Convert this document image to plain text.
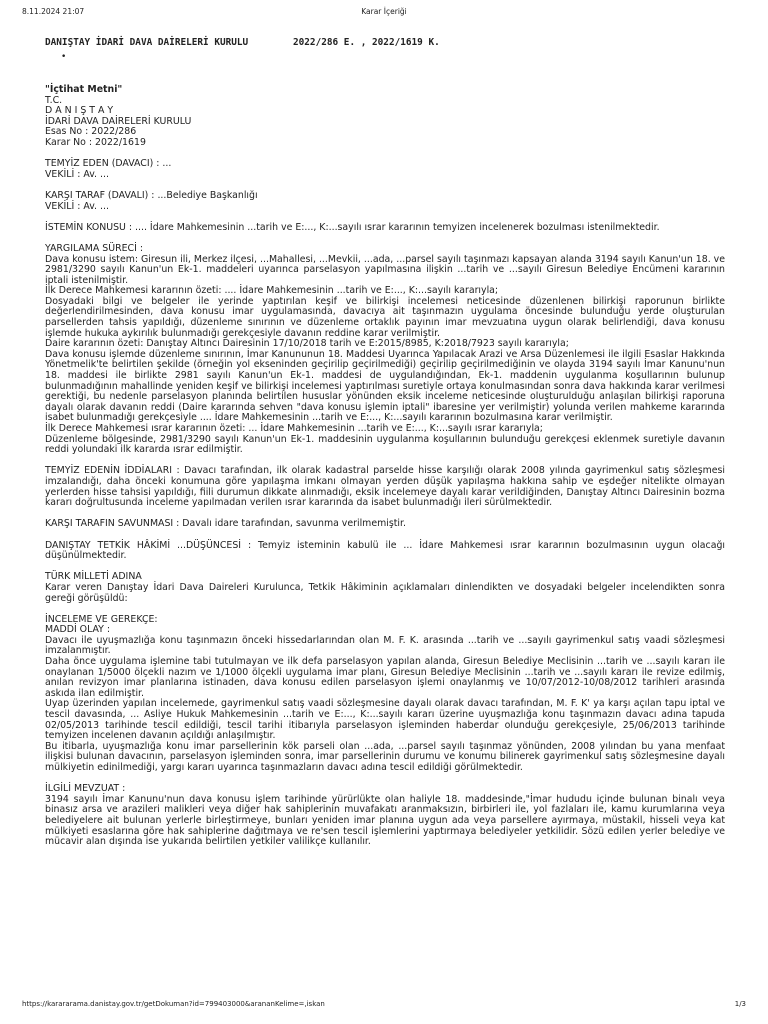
8.11.2024 21:07	Karar İçeriği
DANIŞTAY İDARİ DAVA DAİRELERİ KURULU	2022/286 E. , 2022/1619 K.
•
"İçtihat Metni"
T.C.
D A N I Ş T A Y
İDARİ DAVA DAİRELERİ KURULU
Esas No : 2022/286
Karar No : 2022/1619
TEMYİZ EDEN (DAVACI) : ...
VEKİLİ : Av. ...
KARŞI TARAF (DAVALI) : ...Belediye Başkanlığı
VEKİLİ : Av. ...

İSTEMİN KONUSU : .... İdare Mahkemesinin ...tarih ve E:..., K:...sayılı ısrar kararının temyizen incelenerek bozulması istenilmektedir.

YARGILAMA SÜRECİ :

Dava konusu istem: Giresun ili, Merkez ilçesi, ...Mahallesi, ...Mevkii, ...ada, ...parsel sayılı taşınmazı kapsayan alanda 3194 sayılı Kanun'un 18. ve 2981/3290 sayılı Kanun'un Ek-1. maddeleri uyarınca parselasyon yapılmasına ilişkin ...tarih ve ...sayılı Giresun Belediye Encümeni kararının iptali istenilmiştir.

İlk Derece Mahkemesi kararının özeti: .... İdare Mahkemesinin ...tarih ve E:..., K:...sayılı kararıyla;

Dosyadaki bilgi ve belgeler ile yerinde yaptırılan keşif ve bilirkişi incelemesi neticesinde düzenlenen bilirkişi raporunun birlikte değerlendirilmesinden, dava konusu imar uygulamasında, davacıya ait taşınmazın uygulama öncesinde bulunduğu yerde oluşturulan parsellerden tahsis yapıldığı, düzenleme sınırının ve düzenleme ortaklık payının imar mevzuatına uygun olarak belirlendiği, dava konusu işlemde hukuka aykırılık bulunmadığı gerekçesiyle davanın reddine karar verilmiştir.

Daire kararının özeti: Danıştay Altıncı Dairesinin 17/10/2018 tarih ve E:2015/8985, K:2018/7923 sayılı kararıyla;

Dava konusu işlemde düzenleme sınırının, İmar Kanununun 18. Maddesi Uyarınca Yapılacak Arazi ve Arsa Düzenlemesi ile ilgili Esaslar Hakkında Yönetmelik'te belirtilen şekilde (örneğin yol ekseninden geçirilip geçirilmediği) geçirilip geçirilmediğinin ve olayda 3194 sayılı İmar Kanunu'nun 18. maddesi ile birlikte 2981 sayılı Kanun'un Ek-1. maddesi de uygulandığından, Ek-1. maddenin uygulanma koşullarının bulunup bulunmadığının mahallinde yeniden keşif ve bilirkişi incelemesi yaptırılması suretiyle ortaya konulmasından sonra dava hakkında karar verilmesi gerektiği, bu nedenle parselasyon planında belirtilen hususlar yönünden eksik inceleme neticesinde oluşturulduğu anlaşılan bilirkişi raporuna dayalı olarak davanın reddi (Daire kararında sehven "dava konusu işlemin iptali" ibaresine yer verilmiştir) yolunda verilen mahkeme kararında isabet bulunmadığı gerekçesiyle .... İdare Mahkemesinin ...tarih ve E:..., K:...sayılı kararının bozulmasına karar verilmiştir.

İlk Derece Mahkemesi ısrar kararının özeti: ... İdare Mahkemesinin ...tarih ve E:..., K:...sayılı ısrar kararıyla;

Düzenleme bölgesinde, 2981/3290 sayılı Kanun'un Ek-1. maddesinin uygulanma koşullarının bulunduğu gerekçesi eklenmek suretiyle davanın reddi yolundaki ilk kararda ısrar edilmiştir.

TEMYİZ EDENİN İDDİALARI : Davacı tarafından, ilk olarak kadastral parselde hisse karşılığı olarak 2008 yılında gayrimenkul satış sözleşmesi imzalandığı, daha önceki konumuna göre yapılaşma imkanı olmayan yerden düşük yapılaşma hakkına sahip ve eşdeğer nitelikte olmayan yerlerden hisse tahsisi yapıldığı, fiili durumun dikkate alınmadığı, eksik incelemeye dayalı karar verildiğinden, Danıştay Altıncı Dairesinin bozma kararı doğrultusunda inceleme yapılmadan verilen ısrar kararında da isabet bulunmadığı ileri sürülmektedir.

KARŞI TARAFIN SAVUNMASI : Davalı idare tarafından, savunma verilmemiştir.

DANIŞTAY TETKİK HÂKİMİ ...DÜŞÜNCESİ : Temyiz isteminin kabulü ile ... İdare Mahkemesi ısrar kararının bozulmasının uygun olacağı düşünülmektedir.

TÜRK MİLLETİ ADINA

Karar veren Danıştay İdari Dava Daireleri Kurulunca, Tetkik Hâkiminin açıklamaları dinlendikten ve dosyadaki belgeler incelendikten sonra gereği görüşüldü:

İNCELEME VE GEREKÇE:
MADDİ OLAY :

Davacı ile uyuşmazlığa konu taşınmazın önceki hissedarlarından olan M. F. K. arasında ...tarih ve ...sayılı gayrimenkul satış vaadi sözleşmesi imzalanmıştır.

Daha önce uygulama işlemine tabi tutulmayan ve ilk defa parselasyon yapılan alanda, Giresun Belediye Meclisinin ...tarih ve ...sayılı kararı ile onaylanan 1/5000 ölçekli nazım ve 1/1000 ölçekli uygulama imar planı, Giresun Belediye Meclisinin ...tarih ve ...sayılı kararı ile revize edilmiş, anılan revizyon imar planlarına istinaden, dava konusu edilen parselasyon işlemi onaylanmış ve 10/07/2012-10/08/2012 tarihleri arasında askıda ilan edilmiştir.

Uyap üzerinden yapılan incelemede, gayrimenkul satış vaadi sözleşmesine dayalı olarak davacı tarafından, M. F. K' ya karşı açılan tapu iptal ve tescil davasında, ... Asliye Hukuk Mahkemesinin ...tarih ve E:..., K:...sayılı kararı üzerine uyuşmazlığa konu taşınmazın davacı adına tapuda 02/05/2013 tarihinde tescil edildiği, tescil tarihi itibarıyla parselasyon işleminden haberdar olunduğu gerekçesiyle, 25/06/2013 tarihinde temyizen incelenen davanın açıldığı anlaşılmıştır.

Bu itibarla, uyuşmazlığa konu imar parsellerinin kök parseli olan ...ada, ...parsel sayılı taşınmaz yönünden, 2008 yılından bu yana menfaat ilişkisi bulunan davacının, parselasyon işleminden sonra, imar parsellerinin durumu ve konumu bilinerek gayrimenkul satış sözleşmesine dayalı mülkiyetin edinilmediği, yargı kararı uyarınca taşınmazların davacı adına tescil edildiği görülmektedir.

İLGİLİ MEVZUAT :

3194 sayılı İmar Kanunu'nun dava konusu işlem tarihinde yürürlükte olan haliyle 18. maddesinde,"İmar hududu içinde bulunan binalı veya binasız arsa ve arazileri malikleri veya diğer hak sahiplerinin muvafakatı aranmaksızın, birbirleri ile, yol fazlaları ile, kamu kurumlarına veya belediyelere ait bulunan yerlerle birleştirmeye, bunları yeniden imar planına uygun ada veya parsellere ayırmaya, müstakil, hisseli veya kat mülkiyeti esaslarına göre hak sahiplerine dağıtmaya ve re'sen tescil işlemlerini yaptırmaya belediyeler yetkilidir. Sözü edilen yerler belediye ve mücavir alan dışında ise yukarıda belirtilen yetkiler valilikçe kullanılır.

https://karararama.danistay.gov.tr/getDokuman?id=799403000&arananKelime=,iskan	1/3
